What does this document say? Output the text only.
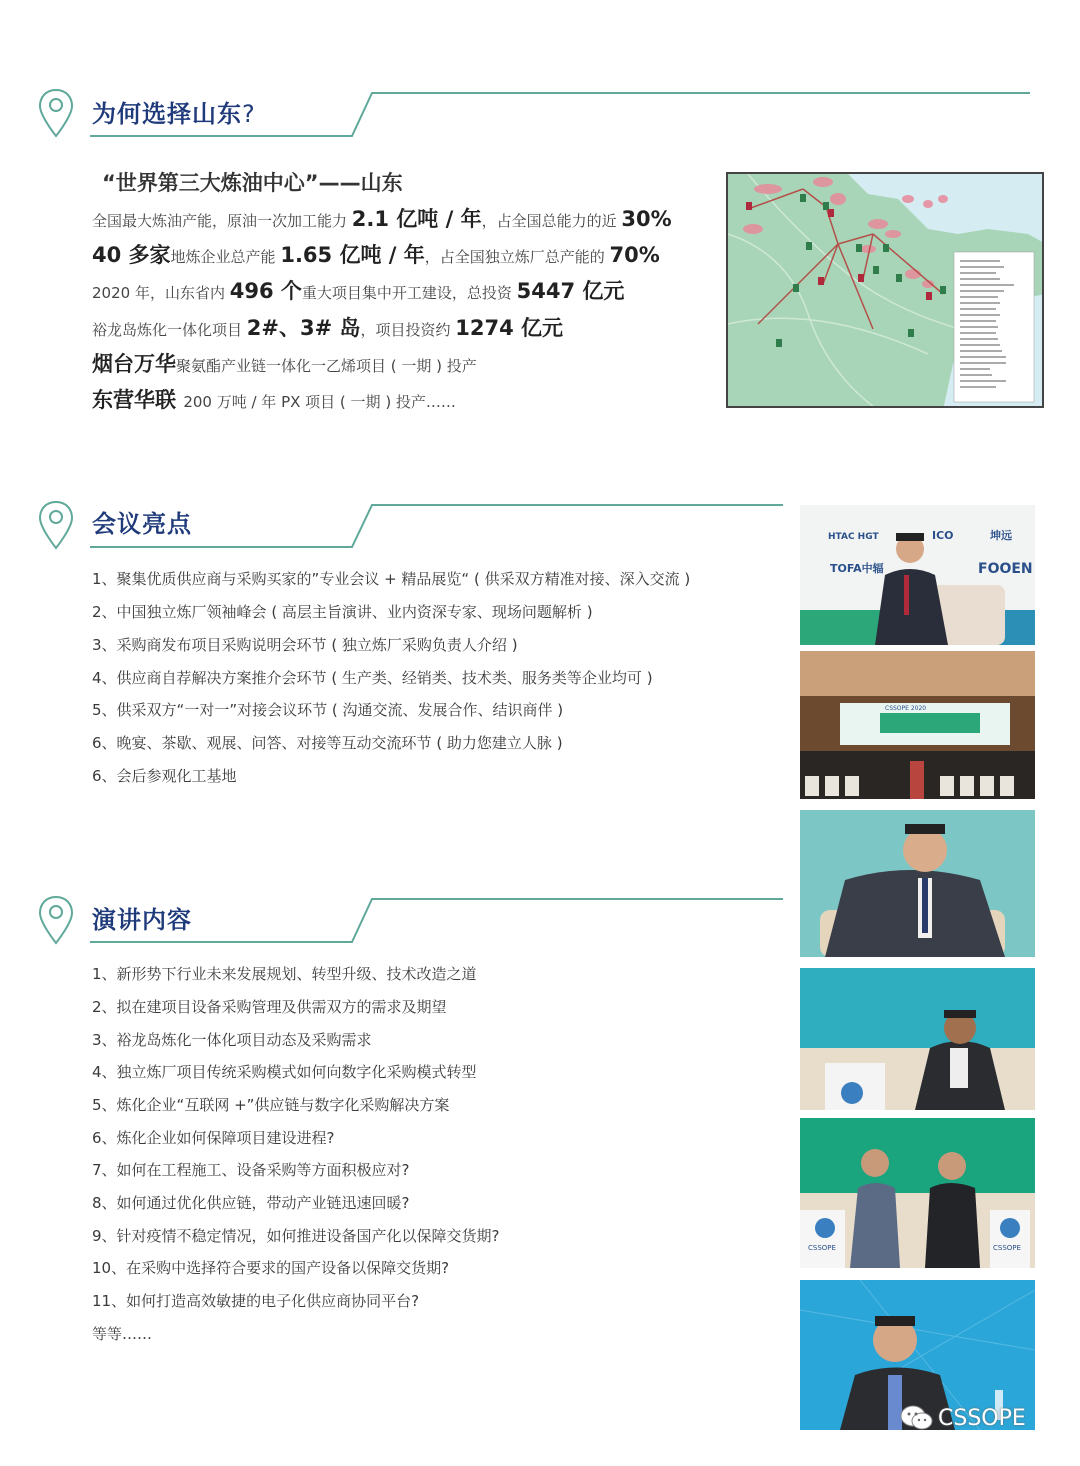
为何选择山东?
“世界第三大炼油中心”——山东
全国最大炼油产能，原油一次加工能力 2.1 亿吨 / 年，占全国总能力的近 30%
40 多家地炼企业总产能 1.65 亿吨 / 年，占全国独立炼厂总产能的 70%
2020 年，山东省内 496 个重大项目集中开工建设，总投资 5447 亿元
裕龙岛炼化一体化项目 2#、3# 岛，项目投资约 1274 亿元
烟台万华聚氨酯产业链一体化一乙烯项目 ( 一期 ) 投产
东营华联 200 万吨 / 年 PX 项目 ( 一期 ) 投产……
会议亮点
1、聚集优质供应商与采购买家的”专业会议 + 精品展览“ ( 供采双方精准对接、深入交流 )
2、中国独立炼厂领袖峰会 ( 高层主旨演讲、业内资深专家、现场问题解析 )
3、采购商发布项目采购说明会环节 ( 独立炼厂采购负责人介绍 )
4、供应商自荐解决方案推介会环节 ( 生产类、经销类、技术类、服务类等企业均可 )
5、供采双方“一对一”对接会议环节 ( 沟通交流、发展合作、结识商伴 )
6、晚宴、茶歇、观展、问答、对接等互动交流环节 ( 助力您建立人脉 )
6、会后参观化工基地
演讲内容
1、新形势下行业未来发展规划、转型升级、技术改造之道
2、拟在建项目设备采购管理及供需双方的需求及期望
3、裕龙岛炼化一体化项目动态及采购需求
4、独立炼厂项目传统采购模式如何向数字化采购模式转型
5、炼化企业“互联网 +”供应链与数字化采购解决方案
6、炼化企业如何保障项目建设进程?
7、如何在工程施工、设备采购等方面积极应对?
8、如何通过优化供应链，带动产业链迅速回暖?
9、针对疫情不稳定情况，如何推进设备国产化以保障交货期?
10、在采购中选择符合要求的国产设备以保障交货期?
11、如何打造高效敏捷的电子化供应商协同平台?
等等……
HTAC HGT	ICO	坤远
TOFA中辐	FOOEN
CSSOPE 2020
CSSOPE	CSSOPE
CSSOPE
